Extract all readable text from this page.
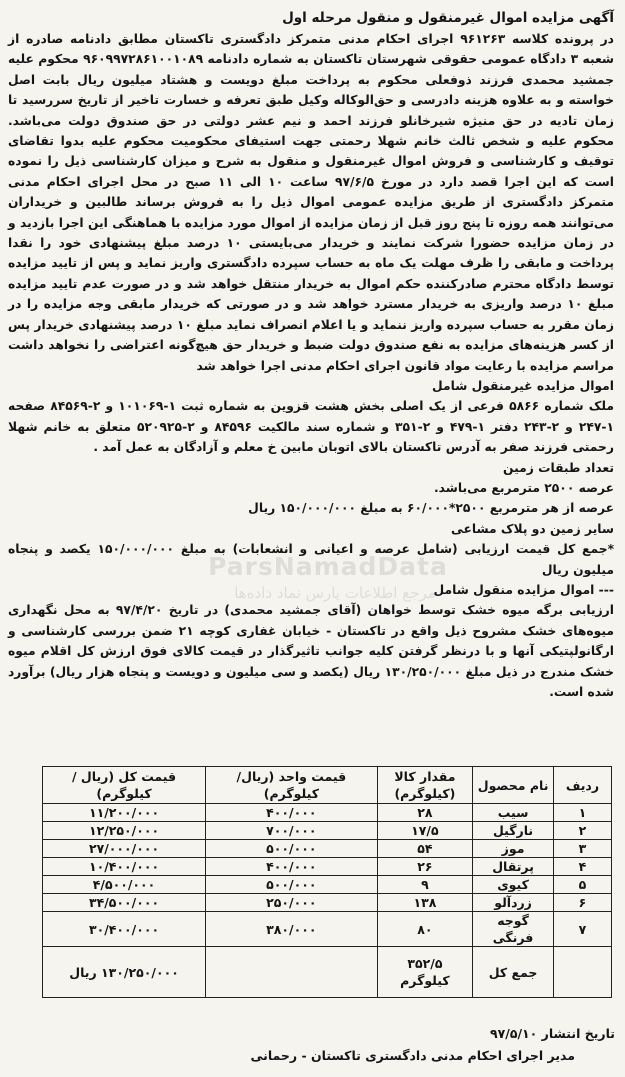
آگهی مزایده اموال غیرمنقول و منقول مرحله اول

در پرونده کلاسه ۹۶۱۲۶۳ اجرای احکام مدنی متمرکز دادگستری تاکستان مطابق دادنامه صادره از شعبه ۳ دادگاه عمومی حقوقی شهرستان تاکستان به شماره دادنامه ۹۶۰۹۹۷۲۸۶۱۰۰۱۰۸۹ محکوم علیه جمشید محمدی فرزند ذوفعلی محکوم به پرداخت مبلغ دویست و هشتاد میلیون ریال بابت اصل خواسته و به علاوه هزینه دادرسی و حق‌الوکاله وکیل طبق تعرفه و خسارت تاخیر از تاریخ سررسید تا زمان تادیه در حق منیژه شیرخانلو فرزند احمد و نیم عشر دولتی در حق صندوق دولت می‌باشد. محکوم علیه و شخص ثالث خانم شهلا رحمتی جهت استیفای محکومیت محکوم علیه بدوا تقاضای توقیف و کارشناسی و فروش اموال غیرمنقول و منقول به شرح و میزان کارشناسی ذیل را نموده است که این اجرا قصد دارد در مورخ ۹۷/۶/۵ ساعت ۱۰ الی ۱۱ صبح در محل اجرای احکام مدنی متمرکز دادگستری از طریق مزایده عمومی اموال ذیل را به فروش برساند طالبین و خریداران می‌توانند همه روزه تا پنج روز قبل از زمان مزایده از اموال مورد مزایده با هماهنگی این اجرا بازدید و در زمان مزایده حضورا شرکت نمایند و خریدار می‌بایستی ۱۰ درصد مبلغ پیشنهادی خود را نقدا پرداخت و مابقی را ظرف مهلت یک ماه به حساب سپرده دادگستری واریز نماید و پس از تایید مزایده توسط دادگاه محترم صادرکننده حکم اموال به خریدار منتقل خواهد شد و در صورت عدم تایید مزایده مبلغ ۱۰ درصد واریزی به خریدار مسترد خواهد شد و در صورتی که خریدار مابقی وجه مزایده را در زمان مقرر به حساب سپرده واریز ننماید و یا اعلام انصراف نماید مبلغ ۱۰ درصد پیشنهادی خریدار پس از کسر هزینه‌های مزایده به نفع صندوق دولت ضبط و خریدار حق هیچ‌گونه اعتراضی را نخواهد داشت مراسم مزایده با رعایت مواد قانون اجرای احکام مدنی اجرا خواهد شد

اموال مزایده غیرمنقول شامل

ملک شماره ۵۸۶۶ فرعی از یک اصلی بخش هشت قزوین به شماره ثبت ۱-۱۰۱۰۶۹ و ۲-۸۴۵۶۹ صفحه ۱-۲۴۷ و ۲-۲۴۳ دفتر ۱-۴۷۹ و ۲-۳۵۱ و شماره سند مالکیت ۸۴۵۹۶ و ۲-۵۲۰۹۲۵ متعلق به خانم شهلا رحمتی فرزند صفر به آدرس تاکستان بالای اتوبان مابین خ معلم و آزادگان به عمل آمد .

تعداد طبقات زمین

عرصه ۲۵۰۰ مترمربع می‌باشد.

عرصه از هر مترمربع ۲۵۰۰*۶۰/۰۰۰ به مبلغ ۱۵۰/۰۰۰/۰۰۰ ریال

سایر زمین دو پلاک مشاعی

*جمع کل قیمت ارزیابی (شامل عرصه و اعیانی و انشعابات) به مبلغ ۱۵۰/۰۰۰/۰۰۰ یکصد و پنجاه میلیون ریال

--- اموال مزایده منقول شامل

ارزیابی برگه میوه خشک توسط خواهان (آقای جمشید محمدی) در تاریخ ۹۷/۴/۲۰ به محل نگهداری میوه‌های خشک مشروح ذیل واقع در تاکستان - خیابان غفاری کوچه ۲۱ ضمن بررسی کارشناسی و ارگانولپتیکی آنها و با درنظر گرفتن کلیه جوانب تاثیرگذار در قیمت کالای فوق ارزش کل اقلام میوه خشک مندرج در ذیل مبلغ ۱۳۰/۲۵۰/۰۰۰ ریال (یکصد و سی میلیون و دویست و پنجاه هزار ریال) برآورد شده است.

ParsNamadData
مرجع اطلاعات پارس نماد داده‌ها
ردیف	نام محصول	مقدار کالا (کیلوگرم)	قیمت واحد (ریال/کیلوگرم)	قیمت کل (ریال / کیلوگرم)
۱	سیب	۲۸	۴۰۰/۰۰۰	۱۱/۲۰۰/۰۰۰
۲	نارگیل	۱۷/۵	۷۰۰/۰۰۰	۱۲/۲۵۰/۰۰۰
۳	موز	۵۴	۵۰۰/۰۰۰	۲۷/۰۰۰/۰۰۰
۴	پرتقال	۲۶	۴۰۰/۰۰۰	۱۰/۴۰۰/۰۰۰
۵	کیوی	۹	۵۰۰/۰۰۰	۴/۵۰۰/۰۰۰
۶	زردآلو	۱۳۸	۲۵۰/۰۰۰	۳۴/۵۰۰/۰۰۰
۷	گوجه فرنگی	۸۰	۳۸۰/۰۰۰	۳۰/۴۰۰/۰۰۰
	جمع کل	۳۵۲/۵ کیلوگرم		۱۳۰/۲۵۰/۰۰۰ ریال

تاریخ انتشار ۹۷/۵/۱۰

مدیر اجرای احکام مدنی دادگستری تاکستان - رحمانی
